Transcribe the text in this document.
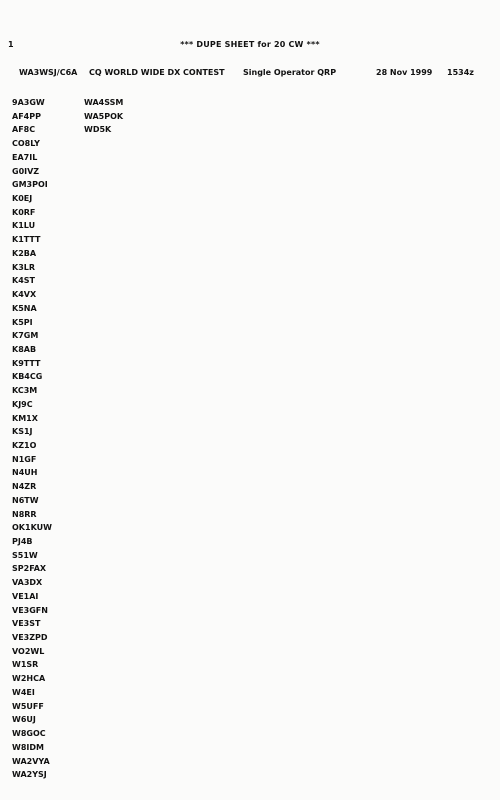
1	*** DUPE SHEET for 20 CW ***
WA3WSJ/C6A CQ WORLD WIDE DX CONTEST Single Operator QRP	28 Nov 1999 1534z
9A3GW
AF4PP
AF8C
CO8LY
EA7IL
G0IVZ
GM3POI
K0EJ
K0RF
K1LU
K1TTT
K2BA
K3LR
K4ST
K4VX
K5NA
K5PI
K7GM
K8AB
K9TTT
KB4CG
KC3M
KJ9C
KM1X
KS1J
KZ1O
N1GF
N4UH
N4ZR
N6TW
N8RR
OK1KUW
PJ4B
S51W
SP2FAX
VA3DX
VE1AI
VE3GFN
VE3ST
VE3ZPD
VO2WL
W1SR
W2HCA
W4EI
W5UFF
W6UJ
W8GOC
W8IDM
WA2VYA
WA2YSJ
WA4SSM
WA5POK
WD5K
